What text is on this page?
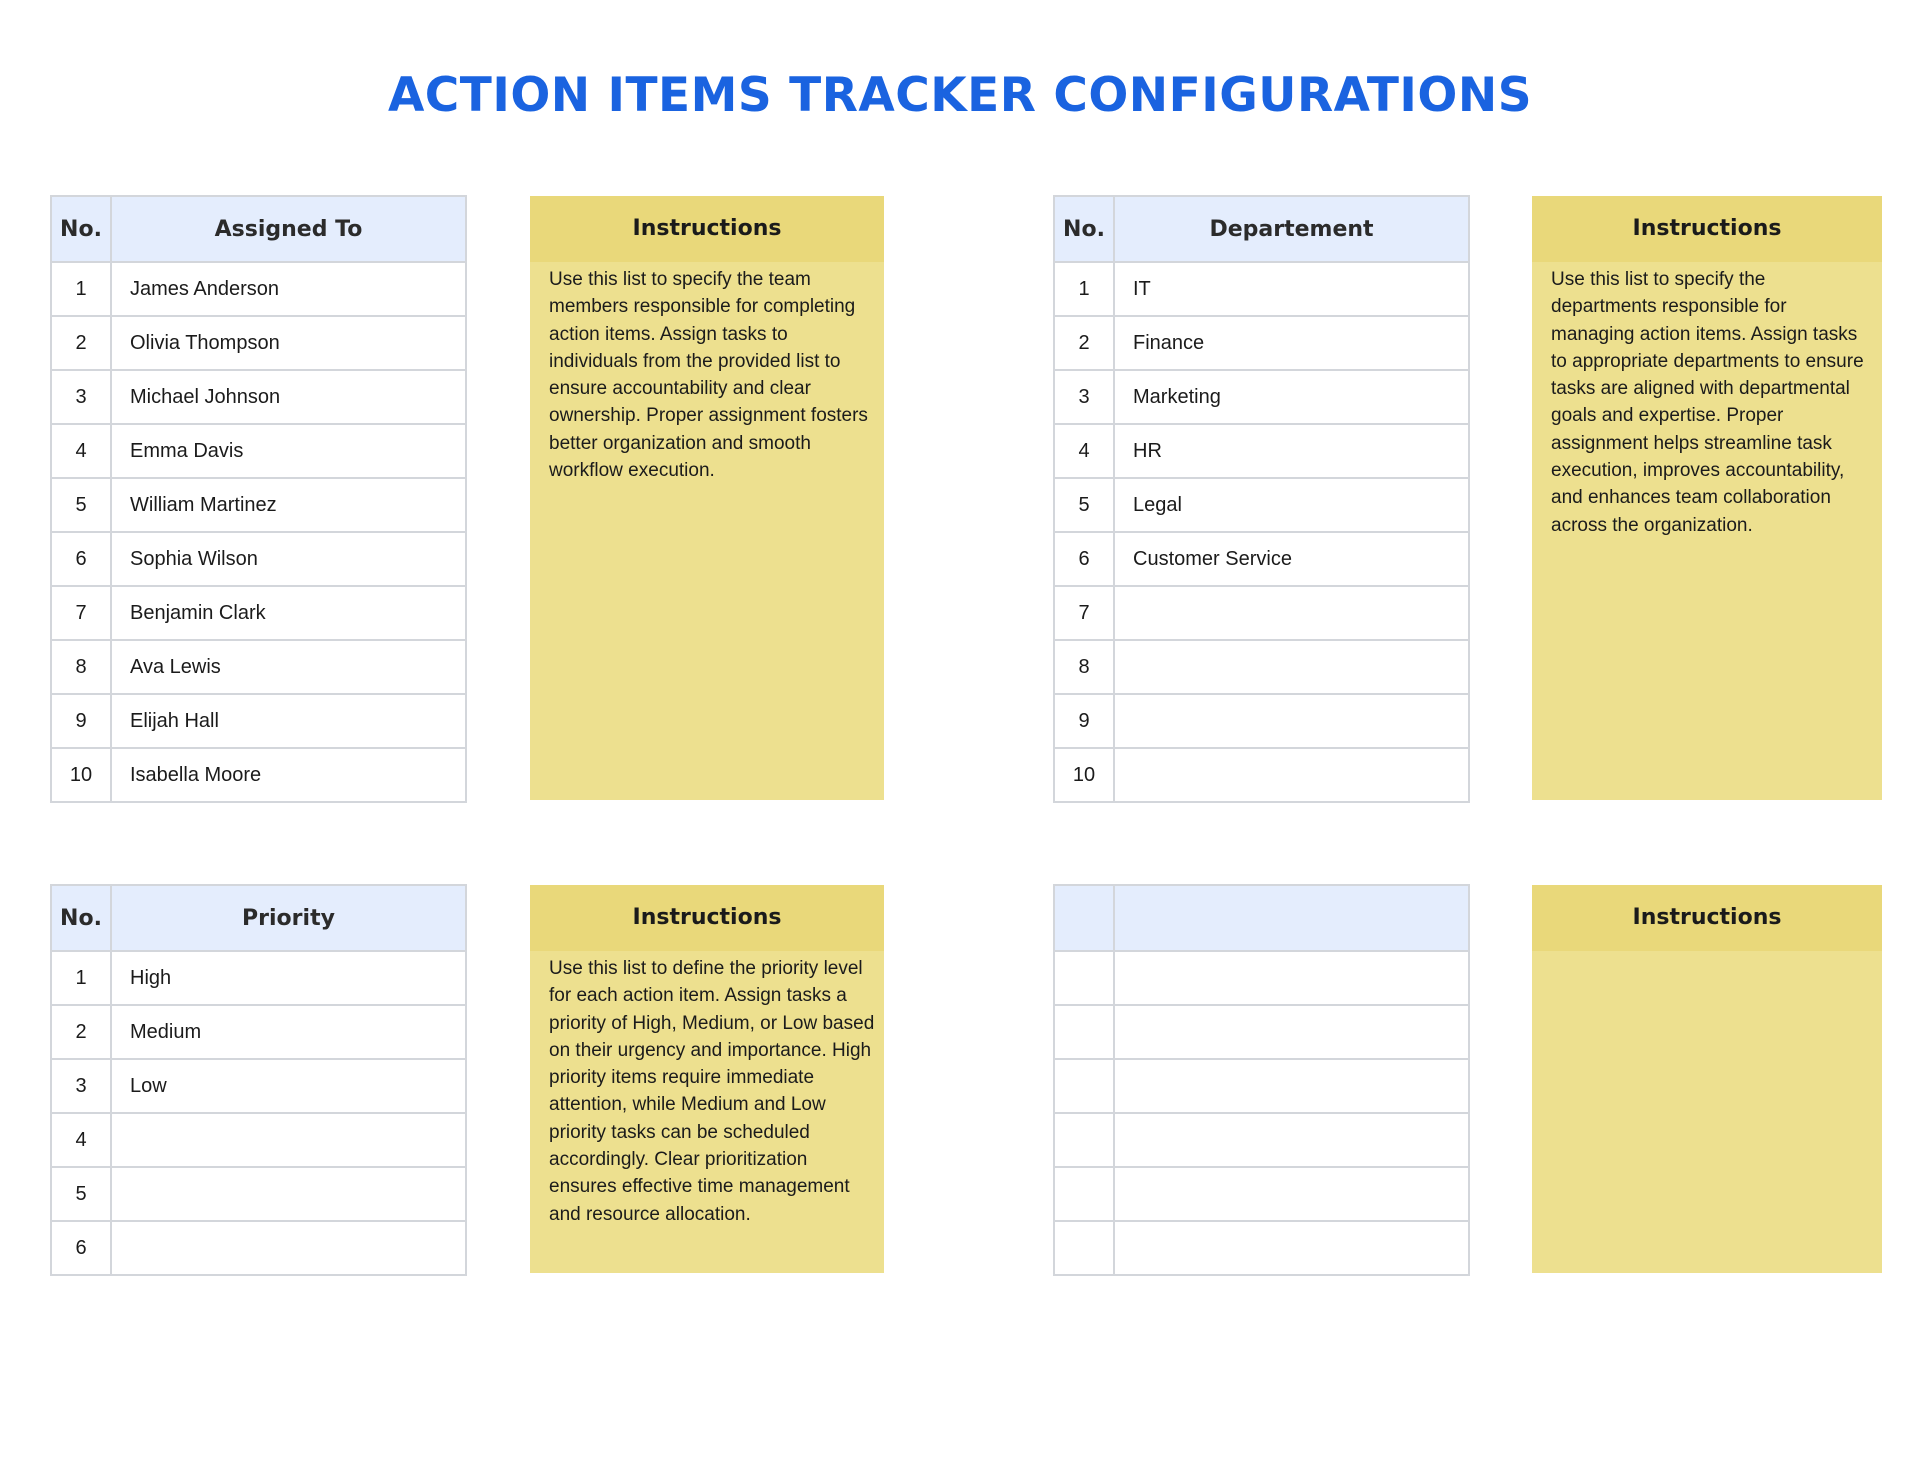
ACTION ITEMS TRACKER CONFIGURATIONS
No.	Assigned To
1	James Anderson
2	Olivia Thompson
3	Michael Johnson
4	Emma Davis
5	William Martinez
6	Sophia Wilson
7	Benjamin Clark
8	Ava Lewis
9	Elijah Hall
10	Isabella Moore
Instructions
Use this list to specify the team members responsible for completing action items. Assign tasks to individuals from the provided list to ensure accountability and clear ownership. Proper assignment fosters better organization and smooth workflow execution.
No.	Departement
1	IT
2	Finance
3	Marketing
4	HR
5	Legal
6	Customer Service
7	
8	
9	
10	
Instructions
Use this list to specify the departments responsible for managing action items. Assign tasks to appropriate departments to ensure tasks are aligned with departmental goals and expertise. Proper assignment helps streamline task execution, improves accountability, and enhances team collaboration across the organization.
No.	Priority
1	High
2	Medium
3	Low
4	
5	
6	
Instructions
Use this list to define the priority level for each action item. Assign tasks a priority of High, Medium, or Low based on their urgency and importance. High priority items require immediate attention, while Medium and Low priority tasks can be scheduled accordingly. Clear prioritization ensures effective time management and resource allocation.

Instructions
